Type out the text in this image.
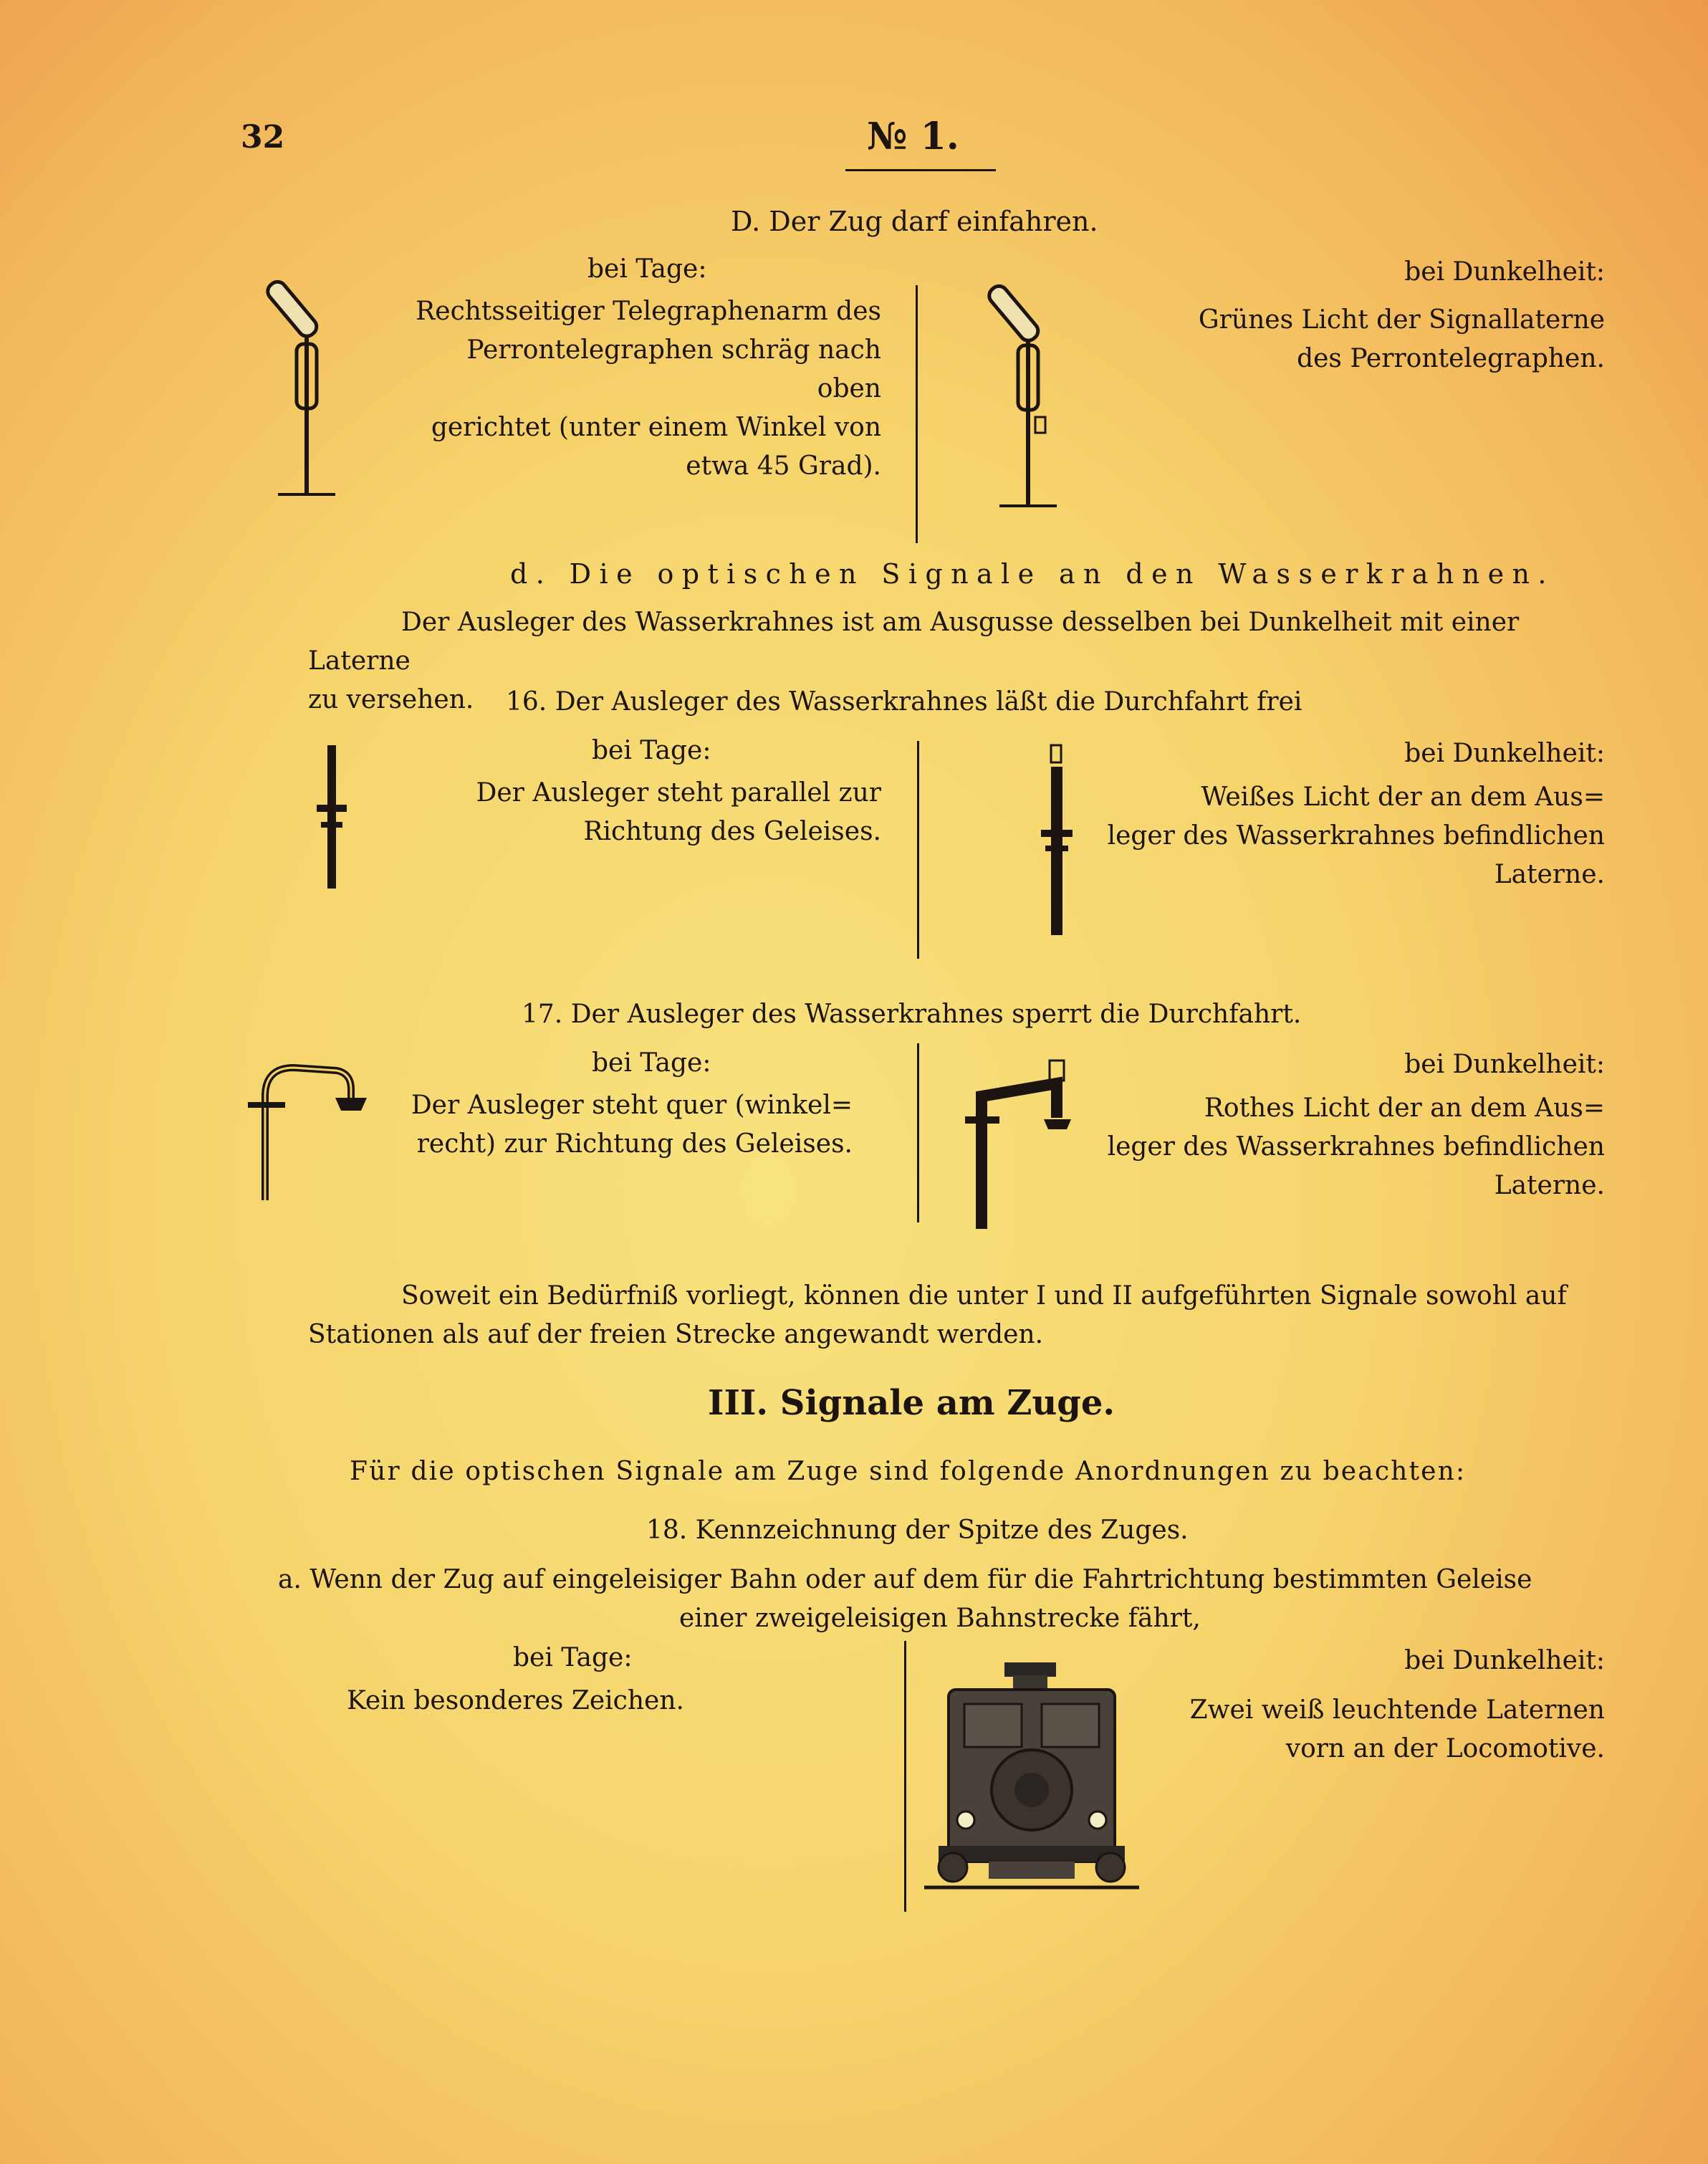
32	№ 1.
D. Der Zug darf einfahren.
bei Tage:
Rechtsseitiger Telegraphenarm des
Perrontelegraphen schräg nach oben
gerichtet (unter einem Winkel von
etwa 45 Grad).
bei Dunkelheit:
Grünes Licht der Signallaterne
des Perrontelegraphen.
d. Die optischen Signale an den Wasserkrahnen.
Der Ausleger des Wasserkrahnes ist am Ausgusse desselben bei Dunkelheit mit einer Laterne
zu versehen.	16. Der Ausleger des Wasserkrahnes läßt die Durchfahrt frei
bei Tage:
Der Ausleger steht parallel zur
Richtung des Geleises.
bei Dunkelheit:
Weißes Licht der an dem Aus=
leger des Wasserkrahnes befindlichen
Laterne.
17. Der Ausleger des Wasserkrahnes sperrt die Durchfahrt.
bei Tage:
Der Ausleger steht quer (winkel=
recht) zur Richtung des Geleises.
bei Dunkelheit:
Rothes Licht der an dem Aus=
leger des Wasserkrahnes befindlichen
Laterne.
Soweit ein Bedürfniß vorliegt, können die unter I und II aufgeführten Signale sowohl auf
Stationen als auf der freien Strecke angewandt werden.
III. Signale am Zuge.
Für die optischen Signale am Zuge sind folgende Anordnungen zu beachten:
18. Kennzeichnung der Spitze des Zuges.
a. Wenn der Zug auf eingeleisiger Bahn oder auf dem für die Fahrtrichtung bestimmten Geleise
einer zweigeleisigen Bahnstrecke fährt,
bei Tage:
Kein besonderes Zeichen.
bei Dunkelheit:
Zwei weiß leuchtende Laternen
vorn an der Locomotive.
